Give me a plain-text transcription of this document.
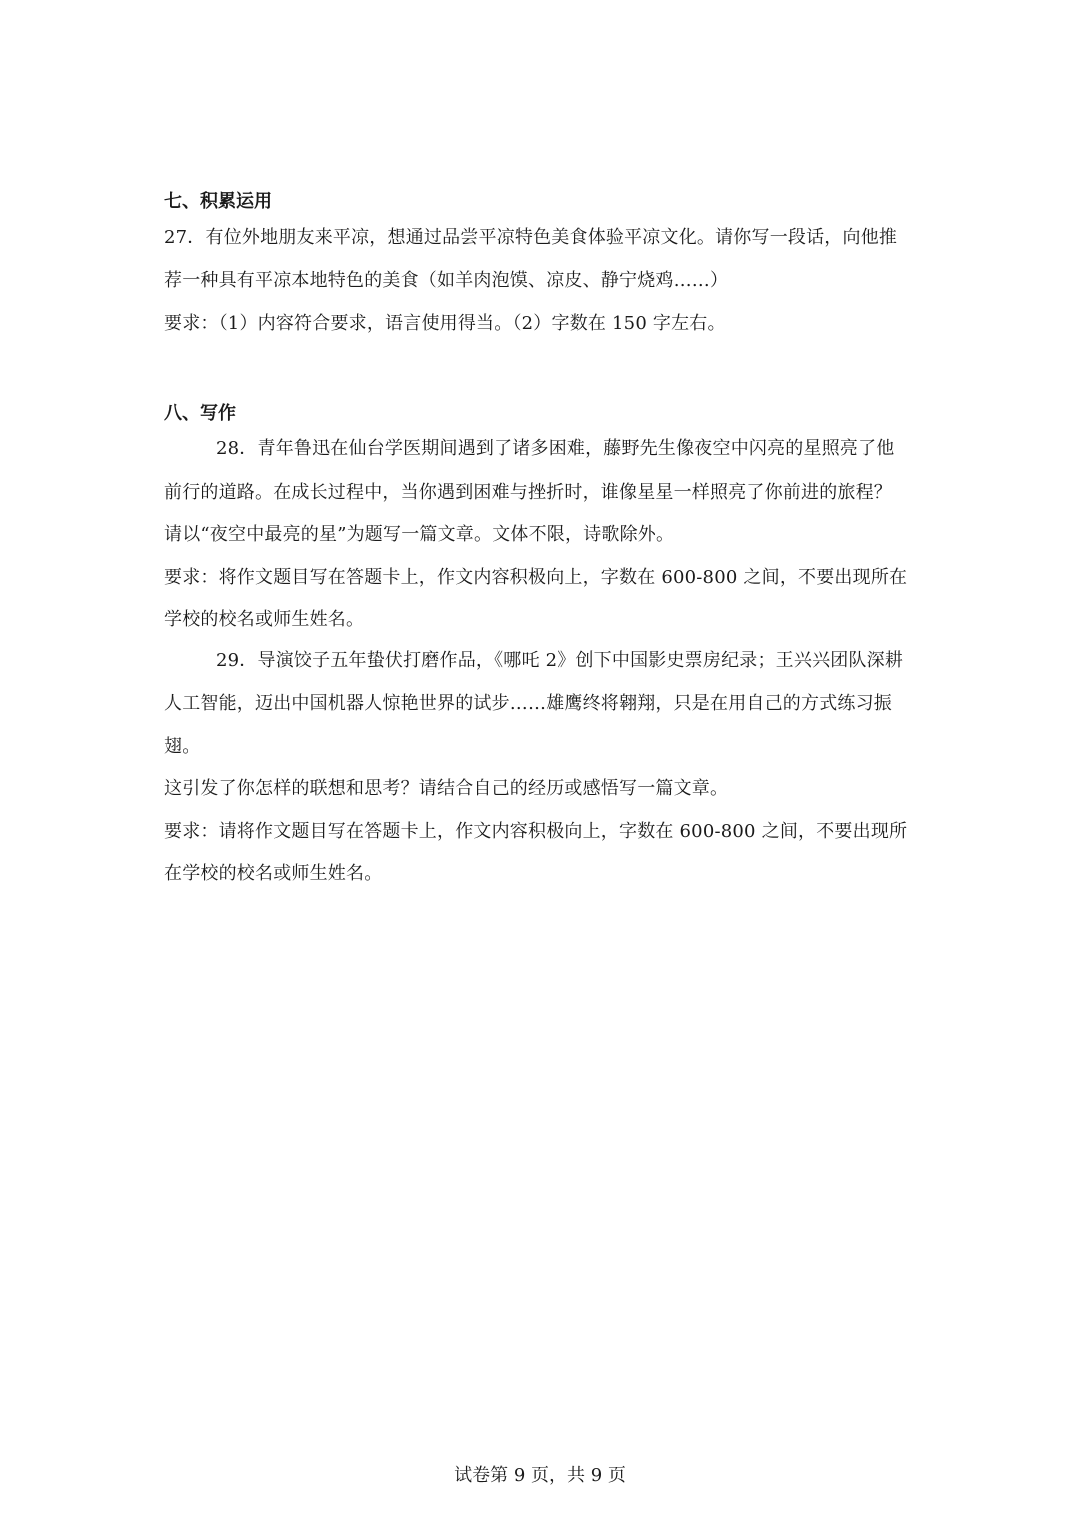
七、积累运用
27．有位外地朋友来平凉，想通过品尝平凉特色美食体验平凉文化。请你写一段话，向他推
荐一种具有平凉本地特色的美食（如羊肉泡馍、凉皮、静宁烧鸡……）
要求：（1）内容符合要求，语言使用得当。（2）字数在 150 字左右。
八、写作
28．青年鲁迅在仙台学医期间遇到了诸多困难，藤野先生像夜空中闪亮的星照亮了他
前行的道路。在成长过程中，当你遇到困难与挫折时，谁像星星一样照亮了你前进的旅程？
请以“夜空中最亮的星”为题写一篇文章。文体不限，诗歌除外。
要求：将作文题目写在答题卡上，作文内容积极向上，字数在 600-800 之间，不要出现所在
学校的校名或师生姓名。
29．导演饺子五年蛰伏打磨作品，《哪吒 2》创下中国影史票房纪录；王兴兴团队深耕
人工智能，迈出中国机器人惊艳世界的试步……雄鹰终将翱翔，只是在用自己的方式练习振
翅。
这引发了你怎样的联想和思考？请结合自己的经历或感悟写一篇文章。
要求：请将作文题目写在答题卡上，作文内容积极向上，字数在 600-800 之间，不要出现所
在学校的校名或师生姓名。
试卷第 9 页，共 9 页
